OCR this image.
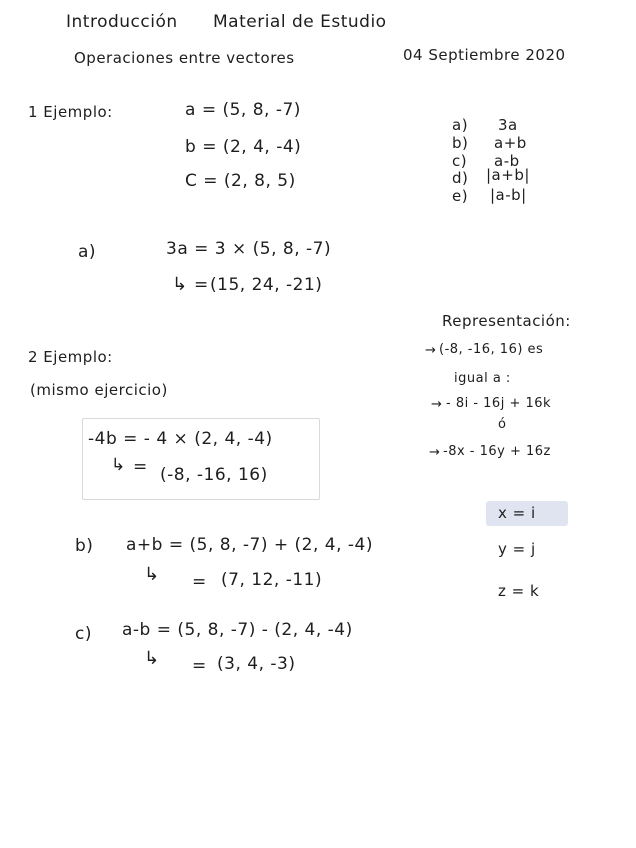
Introducción Material de Estudio
Operaciones entre vectores	04 Septiembre 2020
1 Ejemplo:	a = (5, 8, -7)
b = (2, 4, -4)
C = (2, 8, 5)
a) 3a
b) a+b
c) a-b
d) |a+b|
e) |a-b|
a)	3a = 3 × (5, 8, -7)
↳ = (15, 24, -21)
Representación:
→ (-8, -16, 16) es
igual a :
→ - 8i - 16j + 16k
ó
→ -8x - 16y + 16z
2 Ejemplo:
(mismo ejercicio)
-4b = - 4 × (2, 4, -4)
↳ = (-8, -16, 16)
x = i
y = j
z = k
b) a+b = (5, 8, -7) + (2, 4, -4)
↳ = (7, 12, -11)
c) a-b = (5, 8, -7) - (2, 4, -4)
↳ = (3, 4, -3)
